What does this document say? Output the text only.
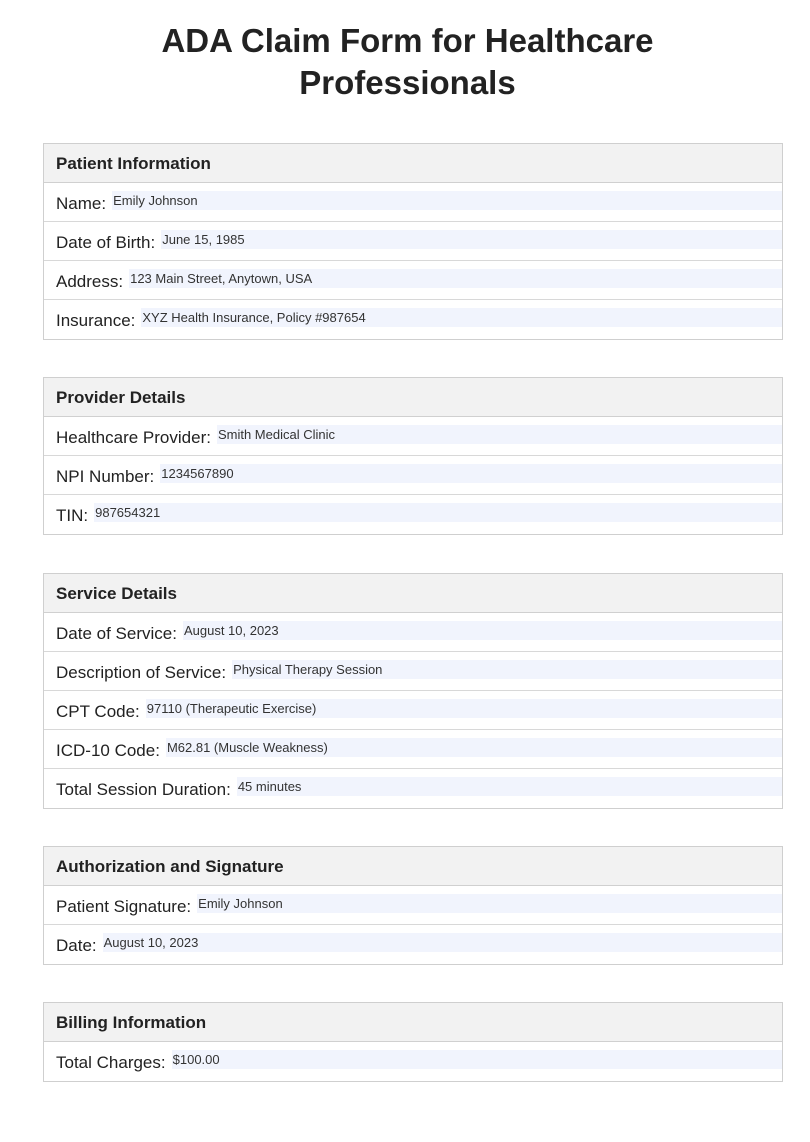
ADA Claim Form for Healthcare Professionals
Patient Information
Name: Emily Johnson
Date of Birth: June 15, 1985
Address: 123 Main Street, Anytown, USA
Insurance: XYZ Health Insurance, Policy #987654
Provider Details
Healthcare Provider: Smith Medical Clinic
NPI Number: 1234567890
TIN: 987654321
Service Details
Date of Service: August 10, 2023
Description of Service: Physical Therapy Session
CPT Code: 97110 (Therapeutic Exercise)
ICD-10 Code: M62.81 (Muscle Weakness)
Total Session Duration: 45 minutes
Authorization and Signature
Patient Signature: Emily Johnson
Date: August 10, 2023
Billing Information
Total Charges: $100.00
